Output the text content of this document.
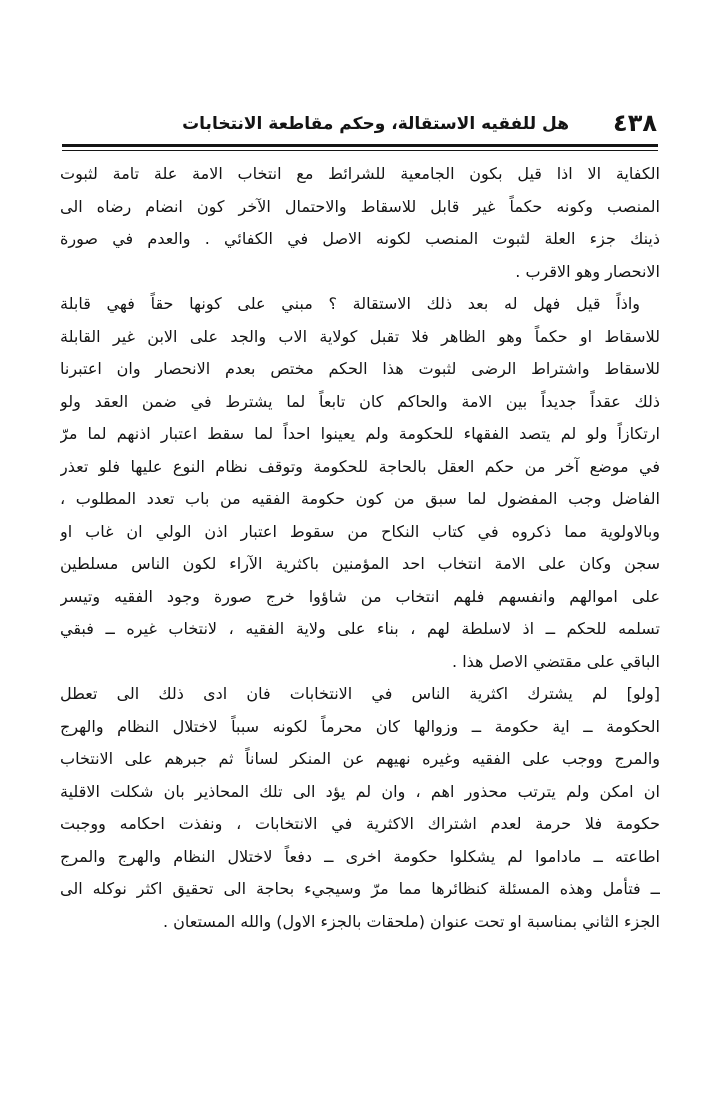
٤٣٨
هل للفقيه الاستقالة، وحكم مقاطعة الانتخابات
الكفاية الا اذا قيل بكون الجامعية للشرائط مع انتخاب الامة علة تامة لثبوت
المنصب وكونه حكماً غير قابل للاسقاط والاحتمال الآخر كون انضام رضاه الى
ذينك جزء العلة لثبوت المنصب لكونه الاصل في الكفائي . والعدم في صورة
الانحصار وهو الاقرب .
واذاً قيل فهل له بعد ذلك الاستقالة ؟ مبني على كونها حقاً فهي قابلة
للاسقاط او حكماً وهو الظاهر فلا تقبل كولاية الاب والجد على الابن غير القابلة
للاسقاط واشتراط الرضى لثبوت هذا الحكم مختص بعدم الانحصار وان اعتبرنا
ذلك عقداً جديداً بين الامة والحاكم كان تابعاً لما يشترط في ضمن العقد ولو
ارتكازاً ولو لم يتصد الفقهاء للحكومة ولم يعينوا احداً لما سقط اعتبار اذنهم لما مرّ
في موضع آخر من حكم العقل بالحاجة للحكومة وتوقف نظام النوع عليها فلو تعذر
الفاضل وجب المفضول لما سبق من كون حكومة الفقيه من باب تعدد المطلوب ،
وبالاولوية مما ذكروه في كتاب النكاح من سقوط اعتبار اذن الولي ان غاب او
سجن وكان على الامة انتخاب احد المؤمنين باكثرية الآراء لكون الناس مسلطين
على اموالهم وانفسهم فلهم انتخاب من شاؤوا خرج صورة وجود الفقيه وتيسر
تسلمه للحكم ــ اذ لاسلطة لهم ، بناء على ولاية الفقيه ، لانتخاب غيره ــ فبقي
الباقي على مقتضي الاصل هذا .
[ولو] لم يشترك اكثرية الناس في الانتخابات فان ادى ذلك الى تعطل
الحكومة ــ اية حكومة ــ وزوالها كان محرماً لكونه سبباً لاختلال النظام والهرج
والمرج ووجب على الفقيه وغيره نهيهم عن المنكر لساناً ثم جبرهم على الانتخاب
ان امكن ولم يترتب محذور اهم ، وان لم يؤد الى تلك المحاذير بان شكلت الاقلية
حكومة فلا حرمة لعدم اشتراك الاكثرية في الانتخابات ، ونفذت احكامه ووجبت
اطاعته ــ ماداموا لم يشكلوا حكومة اخرى ــ دفعاً لاختلال النظام والهرج والمرج
ــ فتأمل وهذه المسئلة كنظائرها مما مرّ وسيجيء بحاجة الى تحقيق اكثر نوكله الى
الجزء الثاني بمناسبة او تحت عنوان (ملحقات بالجزء الاول) والله المستعان .
